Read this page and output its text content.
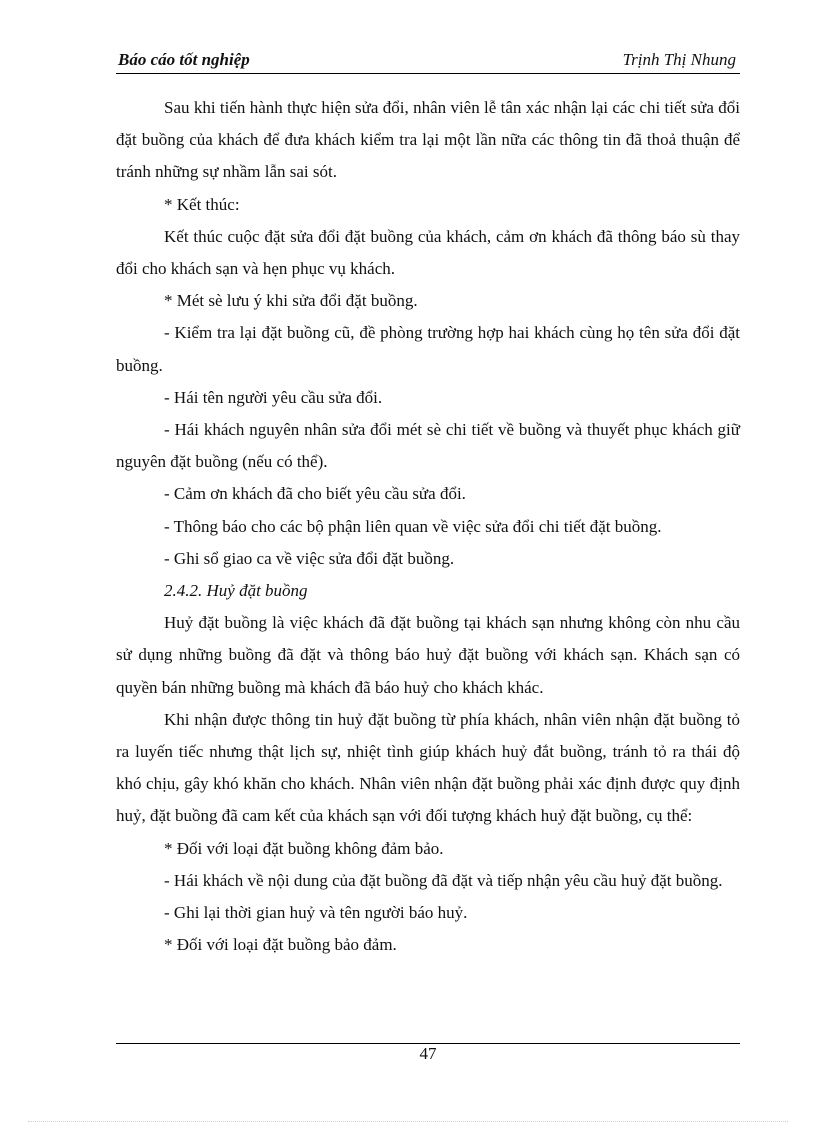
Báo cáo tốt nghiệp	Trịnh Thị Nhung

Sau khi tiến hành thực hiện sửa đổi, nhân viên lễ tân xác nhận lại các chi tiết sửa đổi đặt buồng của khách để đưa khách kiểm tra lại một lần nữa các thông tin đã thoả thuận để tránh những sự nhầm lẫn sai sót.

* Kết thúc:

Kết thúc cuộc đặt sửa đổi đặt buồng của khách, cảm ơn khách đã thông báo sù thay đổi cho khách sạn và hẹn phục vụ khách.

* Mét sè lưu ý khi sửa đổi đặt buồng.

- Kiểm tra lại đặt buồng cũ, đề phòng trường hợp hai khách cùng họ tên sửa đổi đặt buồng.

- Hái tên người yêu cầu sửa đổi.

- Hái khách nguyên nhân sửa đổi mét sè chi tiết về buồng và thuyết phục khách giữ nguyên đặt buồng (nếu có thể).

- Cảm ơn khách đã cho biết yêu cầu sửa đổi.

- Thông báo cho các bộ phận liên quan về việc sửa đổi chi tiết đặt buồng.

- Ghi sổ giao ca về việc sửa đổi đặt buồng.

2.4.2. Huỷ đặt buồng

Huỷ đặt buồng là việc khách đã đặt buồng tại khách sạn nhưng không còn nhu cầu sử dụng những buồng đã đặt và thông báo huỷ đặt buồng với khách sạn. Khách sạn có quyền bán những buồng mà khách đã báo huỷ cho khách khác.

Khi nhận được thông tin huỷ đặt buồng từ phía khách, nhân viên nhận đặt buồng tỏ ra luyến tiếc nhưng thật lịch sự, nhiệt tình giúp khách huỷ đắt buồng, tránh tỏ ra thái độ khó chịu, gây khó khăn cho khách. Nhân viên nhận đặt buồng phải xác định được quy định huỷ, đặt buồng đã cam kết của khách sạn với đối tượng khách huỷ đặt buồng, cụ thể:

* Đối với loại đặt buồng không đảm bảo.

- Hái khách về nội dung của đặt buồng đã đặt và tiếp nhận yêu cầu huỷ đặt buồng.

- Ghi lại thời gian huỷ và tên người báo huỷ.

* Đối với loại đặt buồng bảo đảm.

47
